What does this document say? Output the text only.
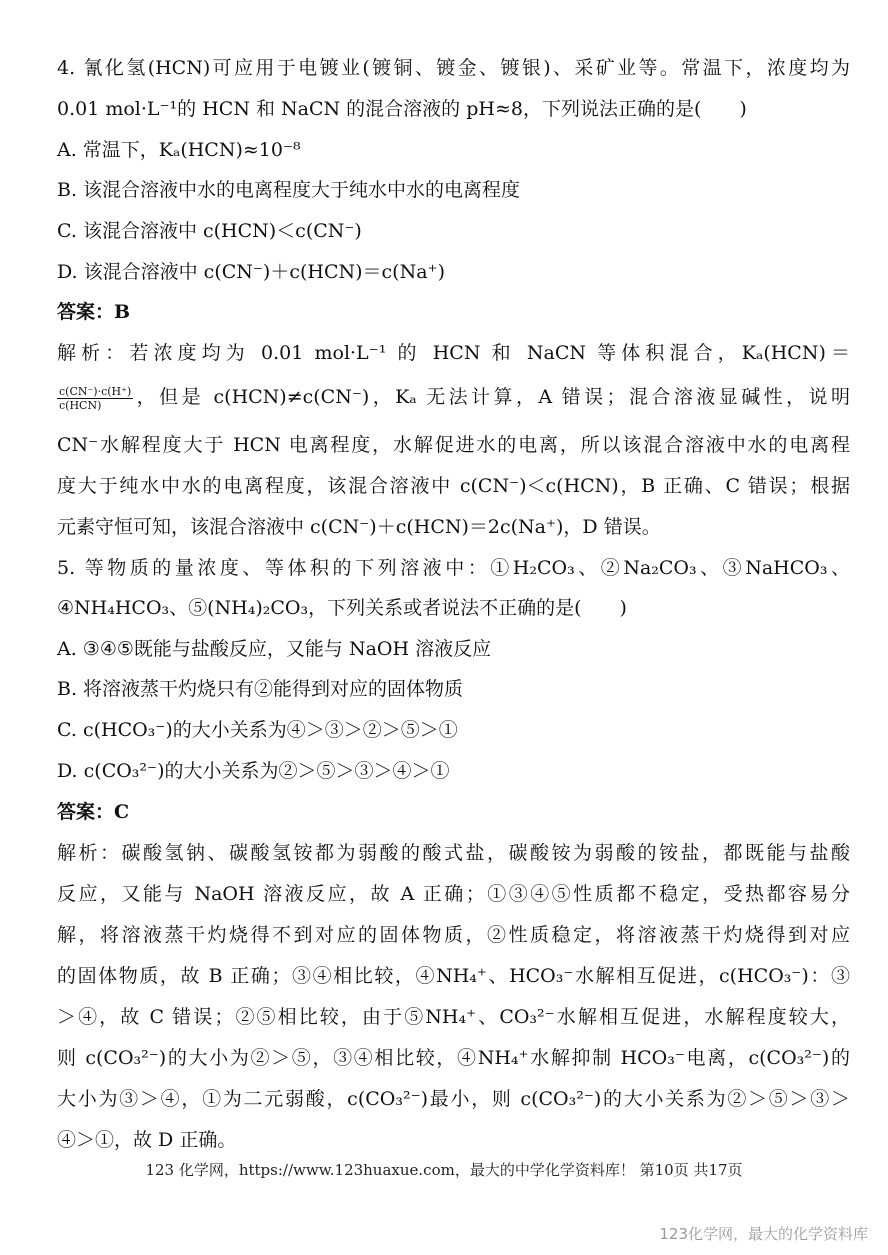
4. 氰化氢(HCN)可应用于电镀业(镀铜、镀金、镀银)、采矿业等。常温下，浓度均为
0.01 mol·L⁻¹的 HCN 和 NaCN 的混合溶液的 pH≈8，下列说法正确的是(　　)
A. 常温下，Kₐ(HCN)≈10⁻⁸
B. 该混合溶液中水的电离程度大于纯水中水的电离程度
C. 该混合溶液中 c(HCN)＜c(CN⁻)
D. 该混合溶液中 c(CN⁻)＋c(HCN)＝c(Na⁺)
答案：B
解析：若浓度均为 0.01 mol·L⁻¹ 的 HCN 和 NaCN 等体积混合，Kₐ(HCN)＝
$\frac{c(CN^-)\cdot c(H^+)}{\text{c(HCN)}}$ ，但是 c(HCN)≠c(CN⁻)，Kₐ 无法计算，A 错误；混合溶液显碱性，说明
CN⁻水解程度大于 HCN 电离程度，水解促进水的电离，所以该混合溶液中水的电离程
度大于纯水中水的电离程度，该混合溶液中 c(CN⁻)＜c(HCN)，B 正确、C 错误；根据
元素守恒可知，该混合溶液中 c(CN⁻)＋c(HCN)＝2c(Na⁺)，D 错误。
5. 等物质的量浓度、等体积的下列溶液中：①H₂CO₃、②Na₂CO₃、③NaHCO₃、
④NH₄HCO₃、⑤(NH₄)₂CO₃，下列关系或者说法不正确的是(　　)
A. ③④⑤既能与盐酸反应，又能与 NaOH 溶液反应
B. 将溶液蒸干灼烧只有②能得到对应的固体物质
C. c(HCO₃⁻)的大小关系为④＞③＞②＞⑤＞①
D. c(CO₃²⁻)的大小关系为②＞⑤＞③＞④＞①
答案：C
解析：碳酸氢钠、碳酸氢铵都为弱酸的酸式盐，碳酸铵为弱酸的铵盐，都既能与盐酸
反应，又能与 NaOH 溶液反应，故 A 正确；①③④⑤性质都不稳定，受热都容易分
解，将溶液蒸干灼烧得不到对应的固体物质，②性质稳定，将溶液蒸干灼烧得到对应
的固体物质，故 B 正确；③④相比较，④NH₄⁺、HCO₃⁻水解相互促进，c(HCO₃⁻)：③
＞④，故 C 错误；②⑤相比较，由于⑤NH₄⁺、CO₃²⁻水解相互促进，水解程度较大，
则 c(CO₃²⁻)的大小为②＞⑤，③④相比较，④NH₄⁺水解抑制 HCO₃⁻电离，c(CO₃²⁻)的
大小为③＞④，①为二元弱酸，c(CO₃²⁻)最小，则 c(CO₃²⁻)的大小关系为②＞⑤＞③＞
④＞①，故 D 正确。
123 化学网，https://www.123huaxue.com，最大的中学化学资料库！ 第10页 共17页
123化学网，最大的化学资料库
